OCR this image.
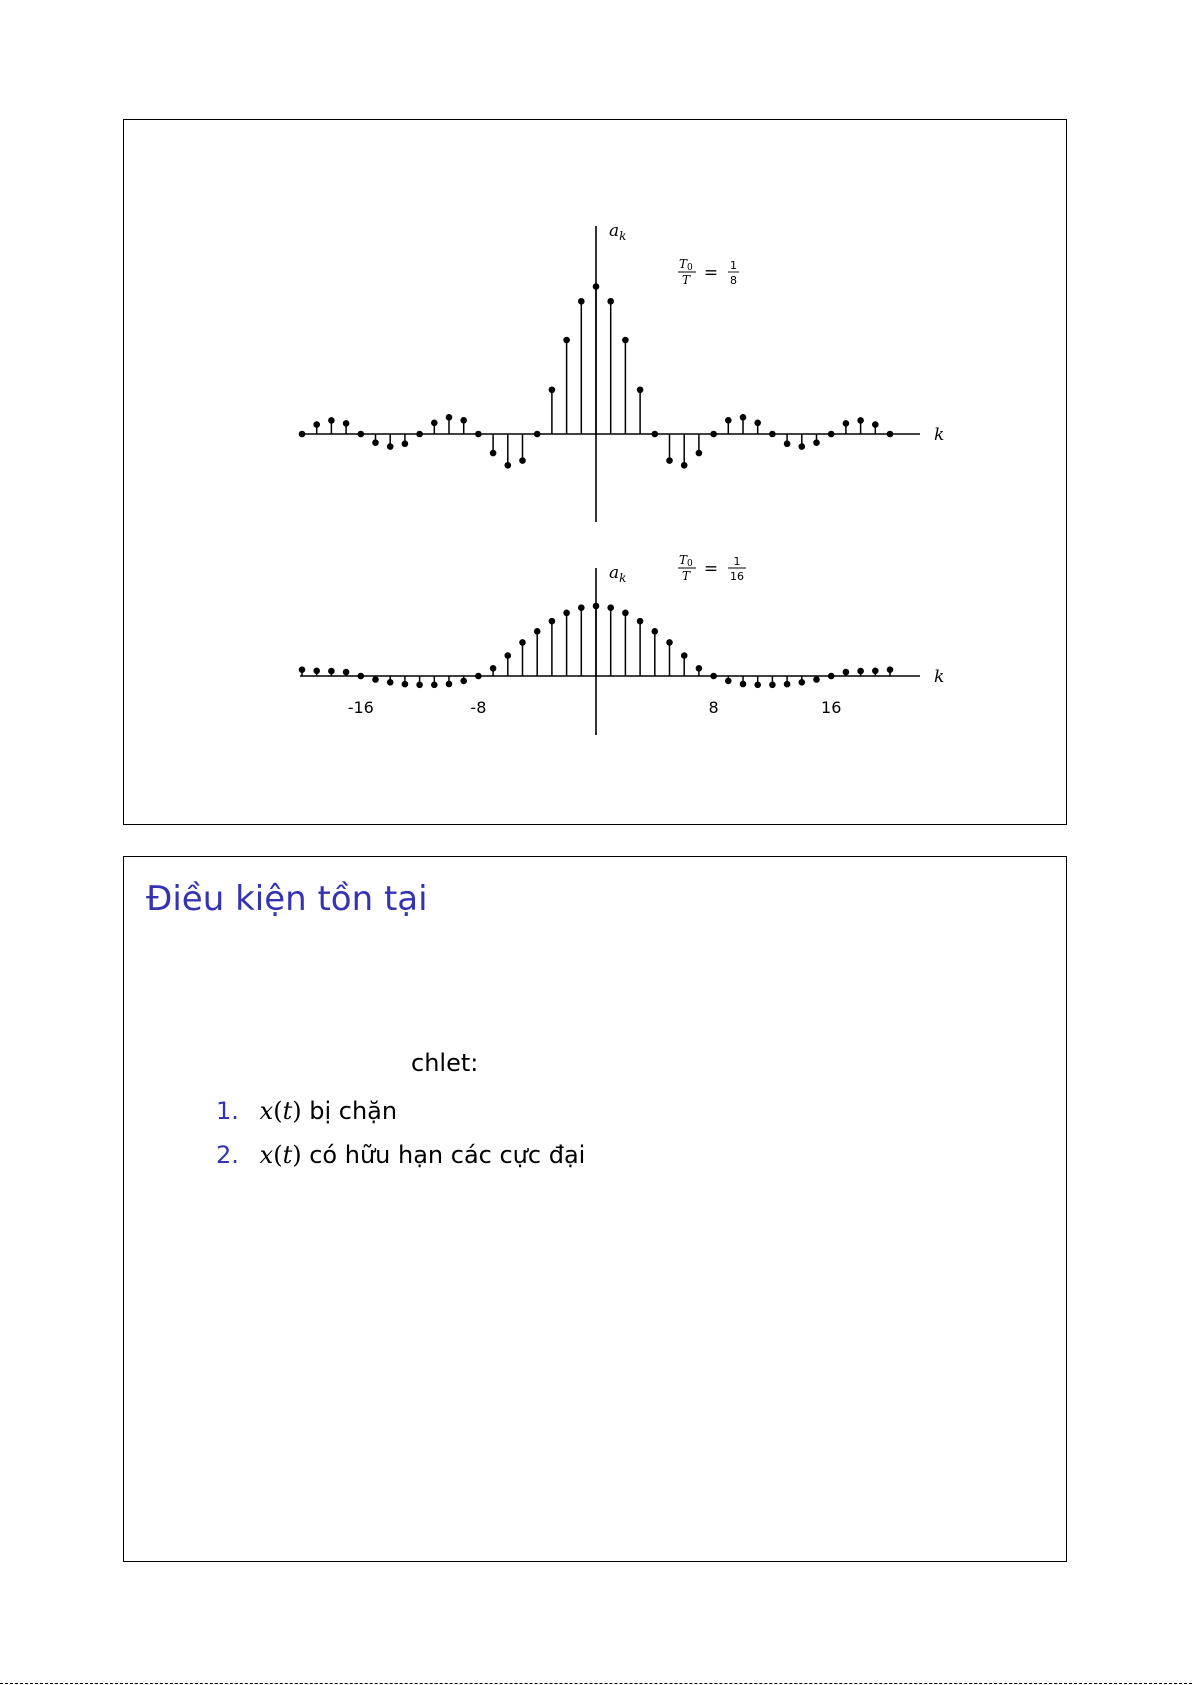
$a_k$
k
T0
T = 1
8
$a_k$
k
-16	-8	8	16
T0
T = 1
16
Điều kiện tồn tại
chlet:
1. x(t) bị chặn
2. x(t) có hữu hạn các cực đại
